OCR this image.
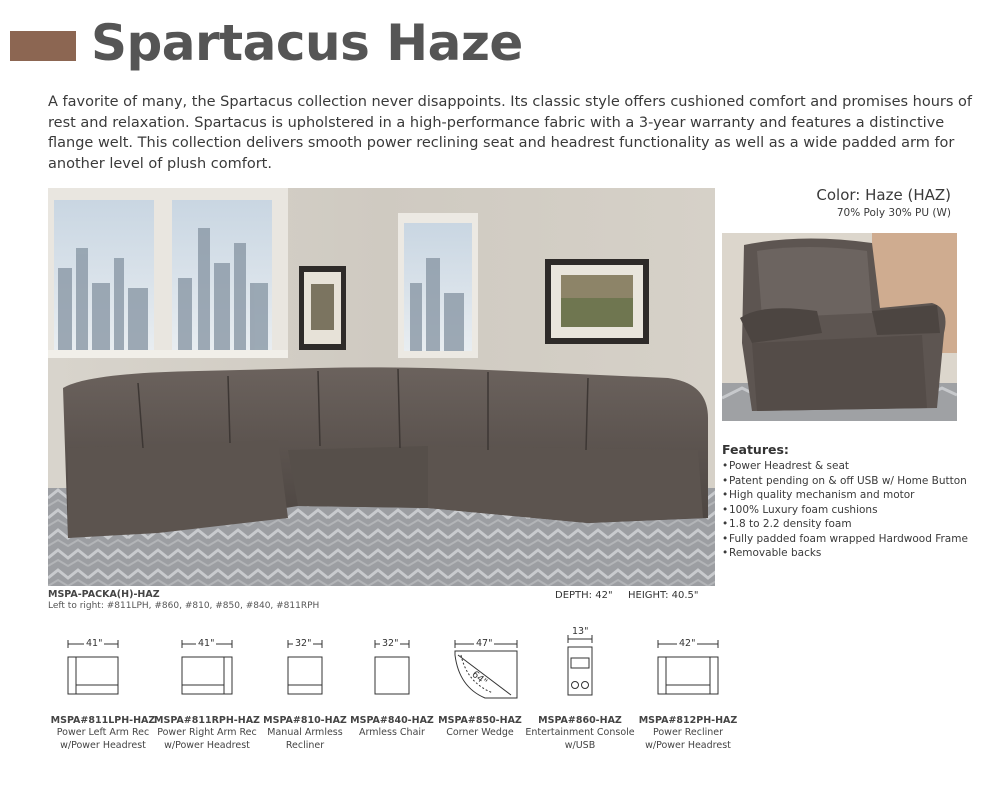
Spartacus Haze

A favorite of many, the Spartacus collection never disappoints. Its classic style offers cushioned comfort and promises hours of rest and relaxation. Spartacus is upholstered in a high-performance fabric with a 3-year warranty and features a distinctive flange welt. This collection delivers smooth power reclining seat and headrest functionality as well as a wide padded arm for another level of plush comfort.

Color: Haze (HAZ)
70% Poly 30% PU (W)
Features:
•Power Headrest & seat
•Patent pending on & off USB w/ Home Button
•High quality mechanism and motor
•100% Luxury foam cushions
•1.8 to 2.2 density foam
•Fully padded foam wrapped Hardwood Frame
•Removable backs
MSPA-PACKA(H)-HAZ
Left to right: #811LPH, #860, #810, #850, #840, #811RPH
DEPTH: 42" HEIGHT: 40.5"
41"
MSPA#811LPH-HAZ
Power Left Arm Rec
w/Power Headrest
41"
MSPA#811RPH-HAZ
Power Right Arm Rec
w/Power Headrest
32"
MSPA#810-HAZ
Manual Armless
Recliner
32"
MSPA#840-HAZ
Armless Chair
47"
64"
MSPA#850-HAZ
Corner Wedge
13"
MSPA#860-HAZ
Entertainment Console
w/USB
42"
MSPA#812PH-HAZ
Power Recliner
w/Power Headrest
